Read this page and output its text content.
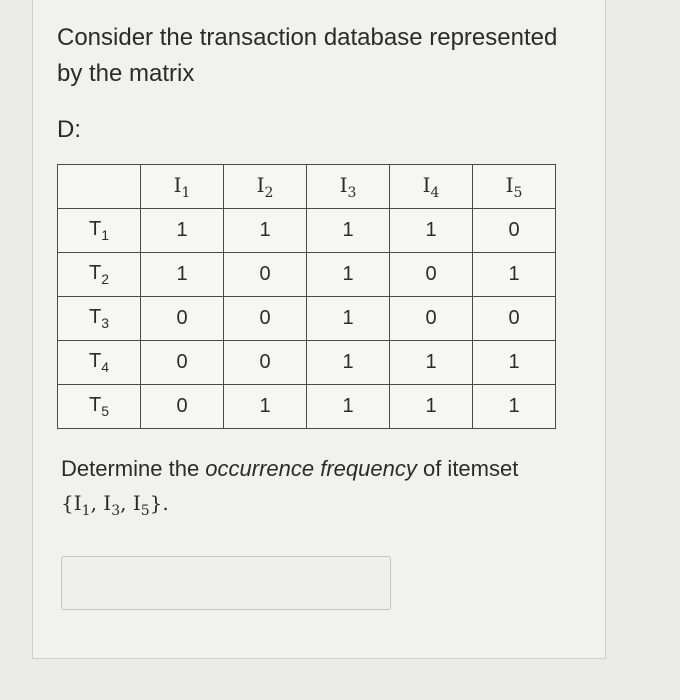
Consider the transaction database represented by the matrix
D:
	$I_1$	$I_2$	$I_3$	$I_4$	$I_5$
$T_1$	1	1	1	1	0
$T_2$	1	0	1	0	1
$T_3$	0	0	1	0	0
$T_4$	0	0	1	1	1
$T_5$	0	1	1	1	1
Determine the occurrence frequency of itemset
{$I_1$, $I_3$, $I_5$}.
